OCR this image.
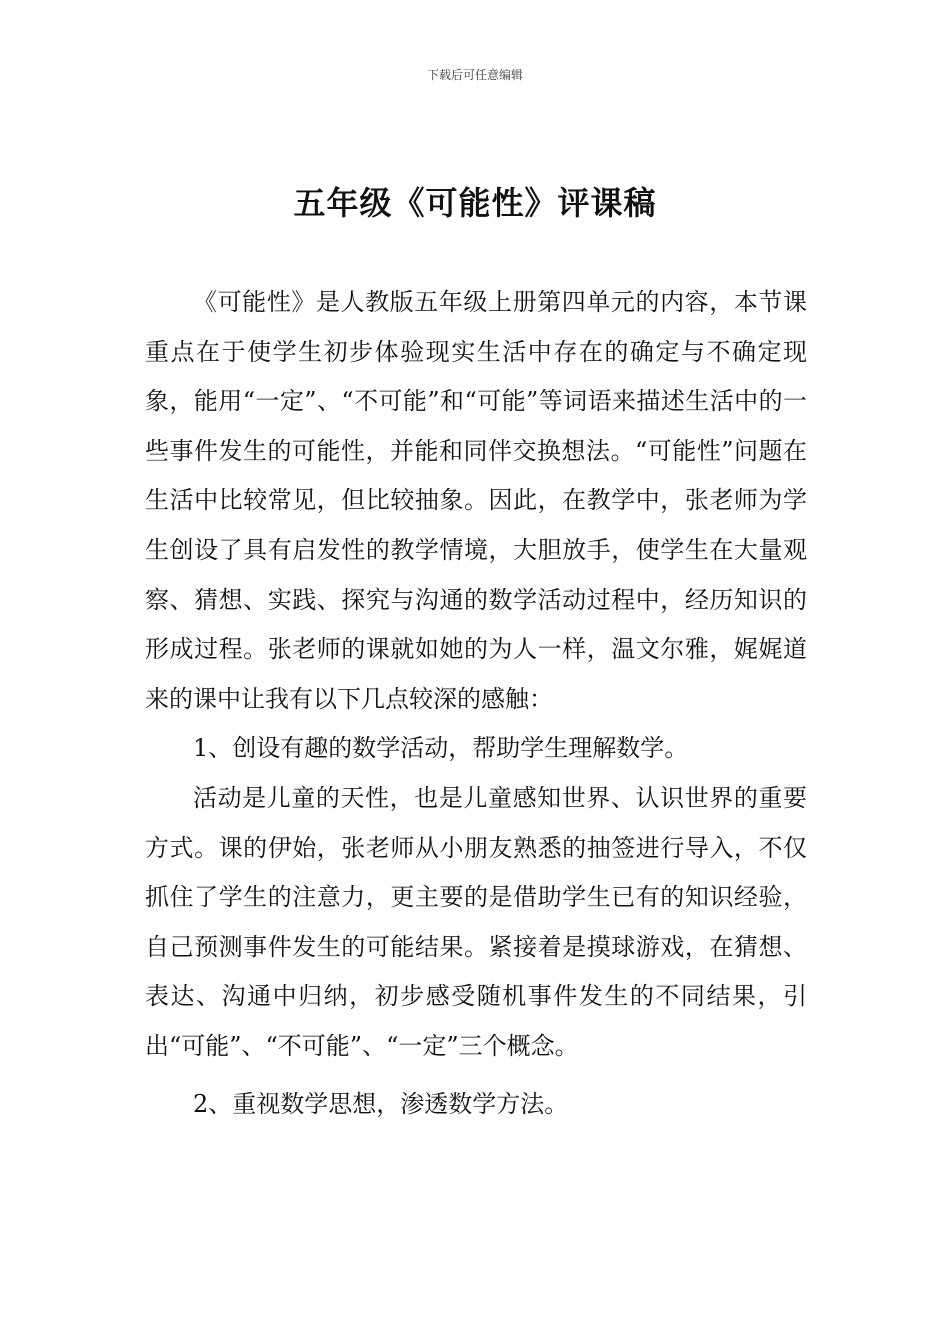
下载后可任意编辑
五年级《可能性》评课稿

《可能性》是人教版五年级上册第四单元的内容，本节课重点在于使学生初步体验现实生活中存在的确定与不确定现象，能用“一定”、“不可能”和“可能”等词语来描述生活中的一些事件发生的可能性，并能和同伴交换想法。“可能性”问题在生活中比较常见，但比较抽象。因此，在教学中，张老师为学生创设了具有启发性的教学情境，大胆放手，使学生在大量观察、猜想、实践、探究与沟通的数学活动过程中，经历知识的形成过程。张老师的课就如她的为人一样，温文尔雅，娓娓道来的课中让我有以下几点较深的感触：

1、创设有趣的数学活动，帮助学生理解数学。

活动是儿童的天性，也是儿童感知世界、认识世界的重要方式。课的伊始，张老师从小朋友熟悉的抽签进行导入，不仅抓住了学生的注意力，更主要的是借助学生已有的知识经验，自己预测事件发生的可能结果。紧接着是摸球游戏，在猜想、表达、沟通中归纳，初步感受随机事件发生的不同结果，引出“可能”、“不可能”、“一定”三个概念。

2、重视数学思想，渗透数学方法。
